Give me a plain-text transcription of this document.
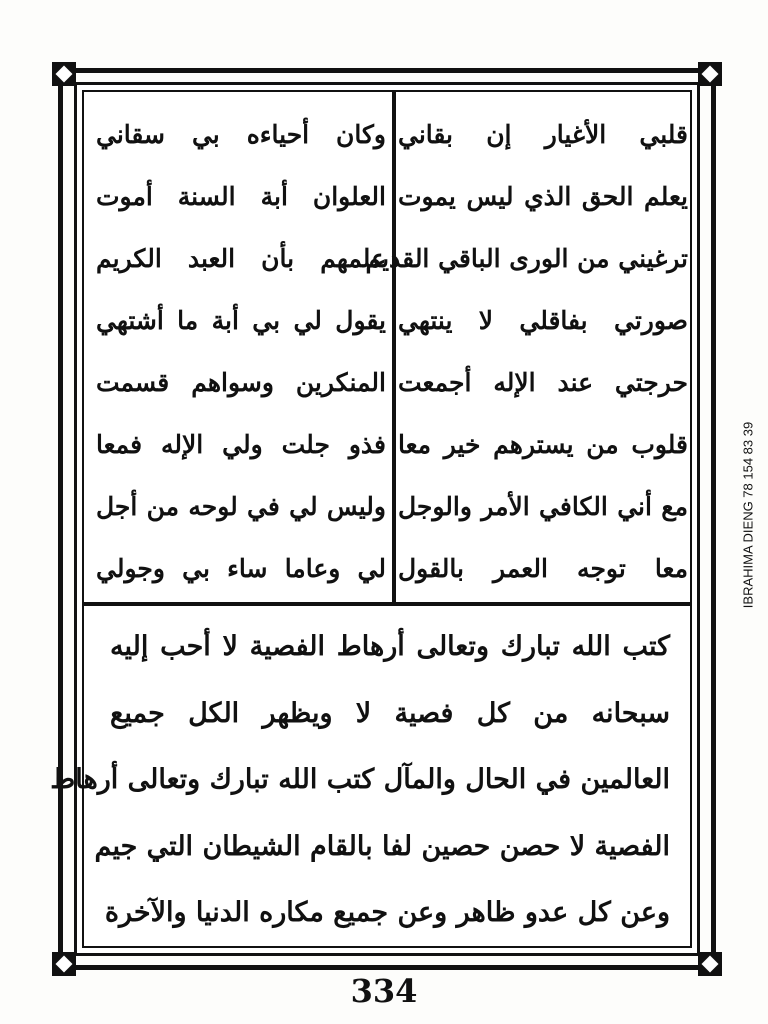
قلبي الأغيار إن بقاني
يعلم الحق الذي ليس يموت
ترغيني من الورى الباقي القديم
صورتي بفاقلي لا ينتهي
حرجتي عند الإله أجمعت
قلوب من يسترهم خير معا
مع أني الكافي الأمر والوجل
معا توجه العمر بالقول
وكان أحياءه بي سقاني
العلوان أبة السنة أموت
علمهم بأن العبد الكريم
يقول لي بي أبة ما أشتهي
المنكرين وسواهم قسمت
فذو جلت ولي الإله فمعا
وليس لي في لوحه من أجل
لي وعاما ساء بي وجولي
كتب الله تبارك وتعالى أرهاط الفصية لا أحب إليه
سبحانه من كل فصية لا ويظهر الكل جميع
العالمين في الحال والمآل كتب الله تبارك وتعالى أرهاط
الفصية لا حصن حصين لفا بالقام الشيطان التي جيم
وعن كل عدو ظاهر وعن جميع مكاره الدنيا والآخرة
334
IBRAHIMA DIENG 78 154 83 39
